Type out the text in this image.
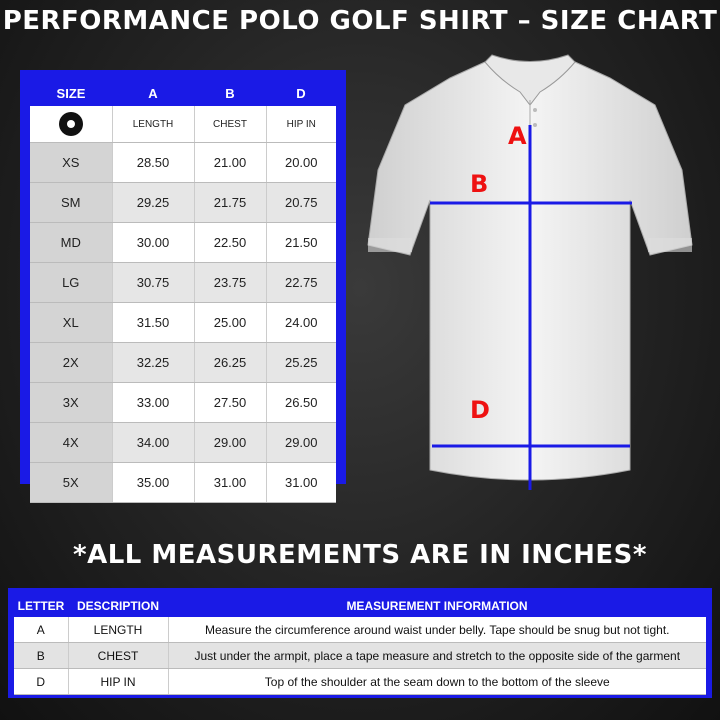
PERFORMANCE POLO GOLF SHIRT – SIZE CHART
SIZE	A	B	D
	LENGTH	CHEST	HIP IN
XS	28.50	21.00	20.00
SM	29.25	21.75	20.75
MD	30.00	22.50	21.50
LG	30.75	23.75	22.75
XL	31.50	25.00	24.00
2X	32.25	26.25	25.25
3X	33.00	27.50	26.50
4X	34.00	29.00	29.00
5X	35.00	31.00	31.00
A
B
D
*ALL MEASUREMENTS ARE IN INCHES*
LETTER	DESCRIPTION	MEASUREMENT INFORMATION
A	LENGTH	Measure the circumference around waist under belly. Tape should be snug but not tight.
B	CHEST	Just under the armpit, place a tape measure and stretch to the opposite side of the garment
D	HIP IN	Top of the shoulder at the seam down to the bottom of the sleeve
